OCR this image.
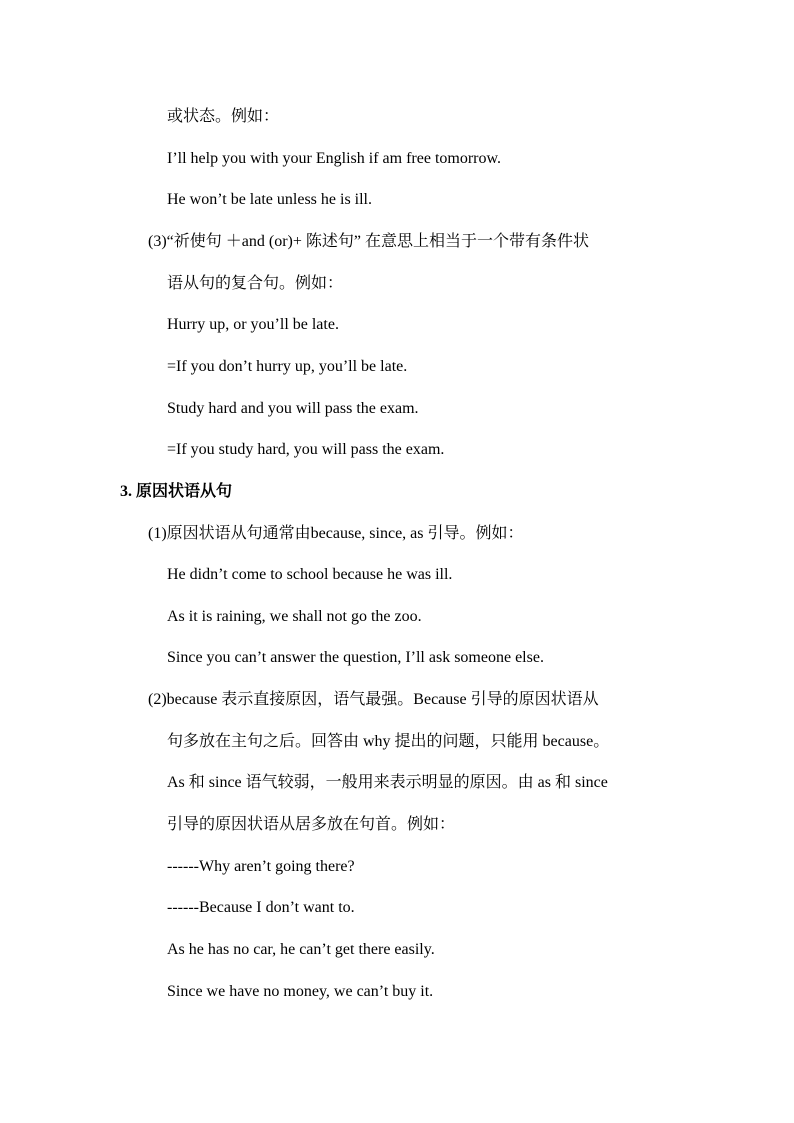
或状态。例如：
I’ll help you with your English if am free tomorrow.
He won’t be late unless he is ill.
(3)“祈使句 ＋and (or)+ 陈述句” 在意思上相当于一个带有条件状
语从句的复合句。例如：
Hurry up, or you’ll be late.
=If you don’t hurry up, you’ll be late.
Study hard and you will pass the exam.
=If you study hard, you will pass the exam.
3. 原因状语从句
(1)原因状语从句通常由because, since, as 引导。例如：
He didn’t come to school because he was ill.
As it is raining, we shall not go the zoo.
Since you can’t answer the question, I’ll ask someone else.
(2)because 表示直接原因，语气最强。Because 引导的原因状语从
句多放在主句之后。回答由 why 提出的问题，只能用 because。
As 和 since 语气较弱，一般用来表示明显的原因。由 as 和 since
引导的原因状语从居多放在句首。例如：
------Why aren’t going there?
------Because I don’t want to.
As he has no car, he can’t get there easily.
Since we have no money, we can’t buy it.
